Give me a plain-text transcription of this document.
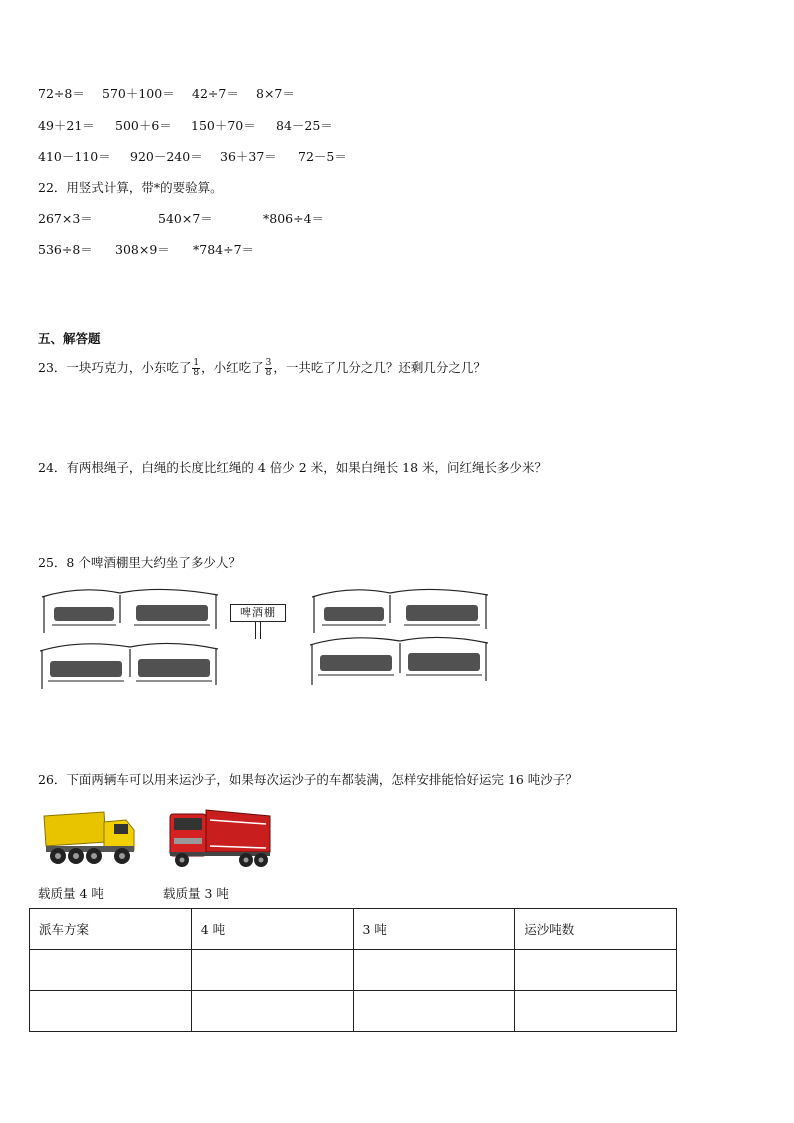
72÷8＝ 570＋100＝ 42÷7＝ 8×7＝
49＋21＝ 500＋6＝ 150＋70＝ 84－25＝
410－110＝ 920－240＝ 36＋37＝ 72－5＝
22．用竖式计算，带*的要验算。
267×3＝	540×7＝	*806÷4＝
536÷8＝ 308×9＝ *784÷7＝
五、解答题
23．一块巧克力，小东吃了 $\frac{1}{8}$ ，小红吃了 $\frac{3}{8}$ ，一共吃了几分之几？还剩几分之几？
24．有两根绳子，白绳的长度比红绳的 4 倍少 2 米，如果白绳长 18 米，问红绳长多少米？
25．8 个啤酒棚里大约坐了多少人？
啤酒棚
26．下面两辆车可以用来运沙子，如果每次运沙子的车都装满，怎样安排能恰好运完 16 吨沙子？
载质量 4 吨	载质量 3 吨
派车方案	4 吨	3 吨	运沙吨数
